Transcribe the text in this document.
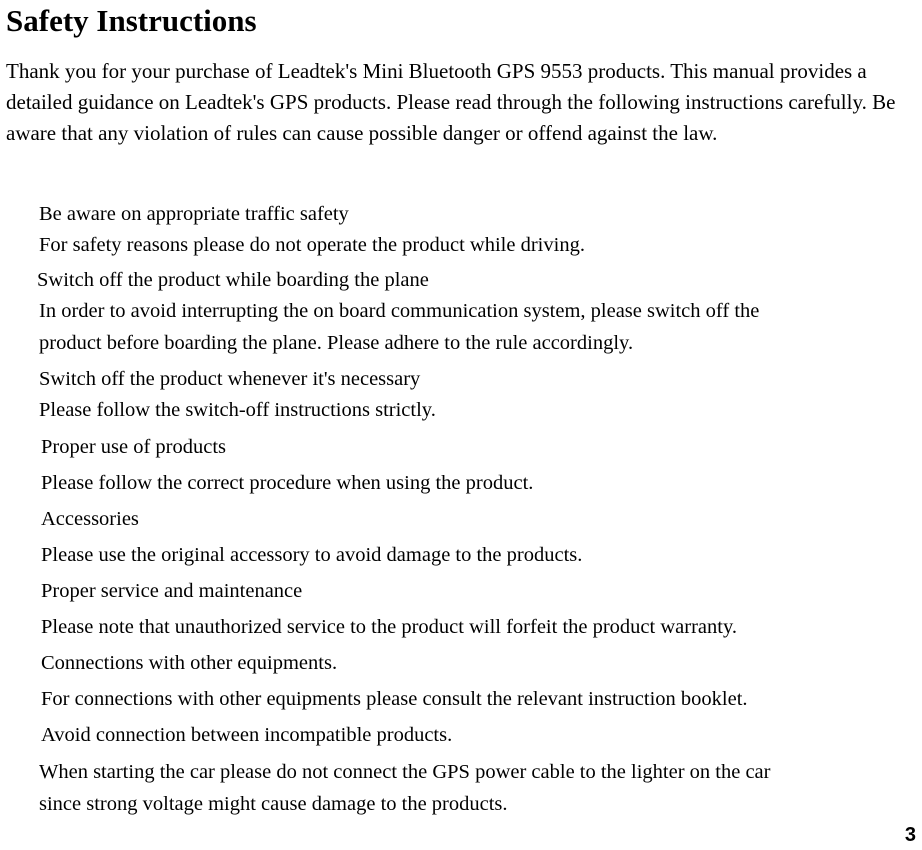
Safety Instructions

Thank you for your purchase of Leadtek's Mini Bluetooth GPS 9553 products. This manual provides a detailed guidance on Leadtek's GPS products. Please read through the following instructions carefully. Be aware that any violation of rules can cause possible danger or offend against the law.

Be aware on appropriate traffic safety

For safety reasons please do not operate the product while driving.

Switch off the product while boarding the plane

In order to avoid interrupting the on board communication system, please switch off the

product before boarding the plane. Please adhere to the rule accordingly.

Switch off the product whenever it's necessary

Please follow the switch-off instructions strictly.

Proper use of products

Please follow the correct procedure when using the product.

Accessories

Please use the original accessory to avoid damage to the products.

Proper service and maintenance

Please note that unauthorized service to the product will forfeit the product warranty.

Connections with other equipments.

For connections with other equipments please consult the relevant instruction booklet.

Avoid connection between incompatible products.

When starting the car please do not connect the GPS power cable to the lighter on the car

since strong voltage might cause damage to the products.

3
